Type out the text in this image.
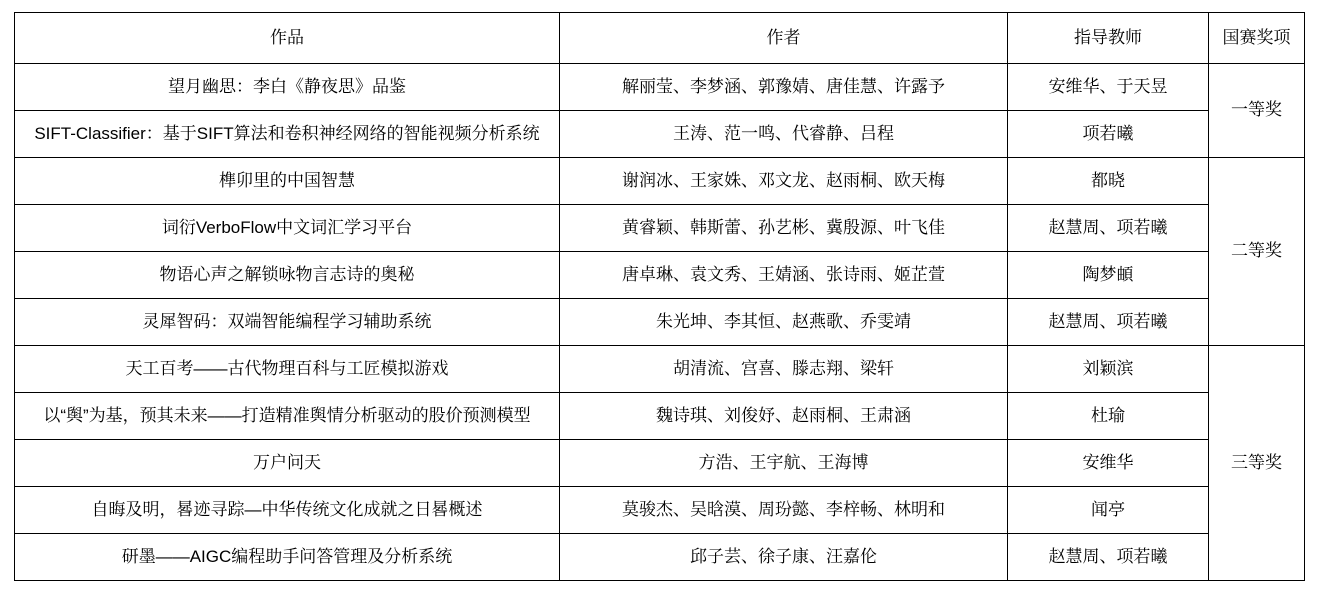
作品	作者	指导教师	国赛奖项
望月幽思：李白《静夜思》品鉴	解丽莹、李梦涵、郭豫婧、唐佳慧、许露予	安维华、于天昱	一等奖
SIFT-Classifier：基于SIFT算法和卷积神经网络的智能视频分析系统	王涛、范一鸣、代睿静、吕程	项若曦	
榫卯里的中国智慧	谢润冰、王家姝、邓文龙、赵雨桐、欧天梅	都晓	二等奖
词衍VerboFlow中文词汇学习平台	黄睿颖、韩斯蕾、孙艺彬、冀殷源、叶飞佳	赵慧周、项若曦	
物语心声之解锁咏物言志诗的奥秘	唐卓琳、袁文秀、王婧涵、张诗雨、姬芷萱	陶梦頔	
灵犀智码：双端智能编程学习辅助系统	朱光坤、李其恒、赵燕歌、乔雯靖	赵慧周、项若曦	
天工百考——古代物理百科与工匠模拟游戏	胡清流、宫喜、滕志翔、梁轩	刘颖滨	三等奖
以“舆”为基，预其未来——打造精准舆情分析驱动的股价预测模型	魏诗琪、刘俊妤、赵雨桐、王肃涵	杜瑜	
万户问天	方浩、王宇航、王海博	安维华	
自晦及明，晷迹寻踪—中华传统文化成就之日晷概述	莫骏杰、吴晗漠、周玢懿、李梓畅、林明和	闻亭	
研墨——AIGC编程助手问答管理及分析系统	邱子芸、徐子康、汪嘉伦	赵慧周、项若曦	
